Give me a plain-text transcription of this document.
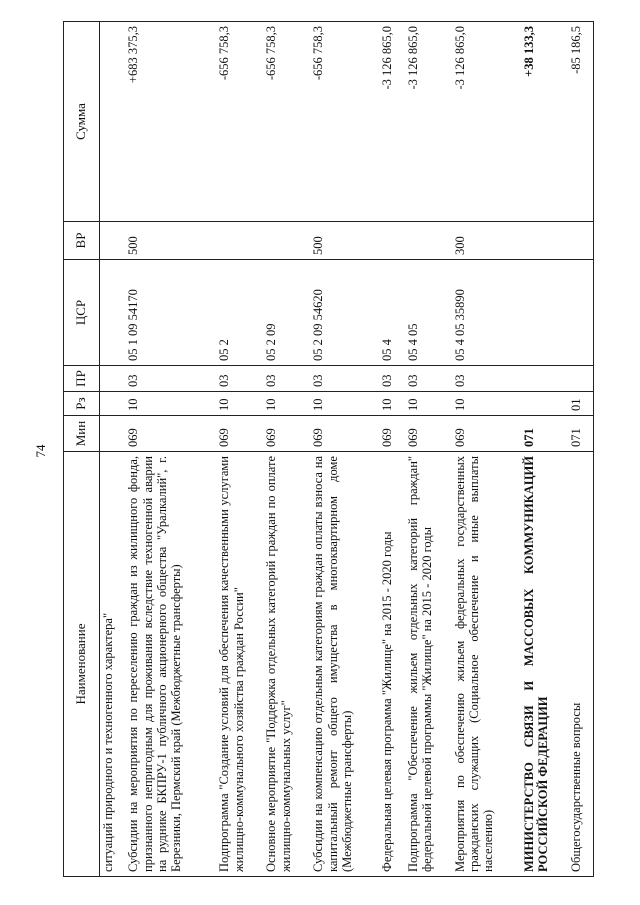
74
Наименование	Мин	Рз	ПР	ЦСР	ВР	Сумма
ситуаций природного и техногенного характера"						
Субсидии на мероприятия по переселению граждан из жилищного фонда, признанного непригодным для проживания вследствие техногенной аварии на руднике БКПРУ-1 публичного акционерного общества "Уралкалий", г. Березники, Пермский край (Межбюджетные трансферты)	069	10	03	05 1 09 54170	500	+683 375,3
Подпрограмма "Создание условий для обеспечения качественными услугами жилищно-коммунального хозяйства граждан России"	069	10	03	05 2		-656 758,3
Основное мероприятие "Поддержка отдельных категорий граждан по оплате жилищно-коммунальных услуг"	069	10	03	05 2 09		-656 758,3
Субсидии на компенсацию отдельным категориям граждан оплаты взноса на капитальный ремонт общего имущества в многоквартирном доме (Межбюджетные трансферты)	069	10	03	05 2 09 54620	500	-656 758,3
Федеральная целевая программа "Жилище" на 2015 - 2020 годы	069	10	03	05 4		-3 126 865,0
Подпрограмма "Обеспечение жильем отдельных категорий граждан" федеральной целевой программы "Жилище" на 2015 - 2020 годы	069	10	03	05 4 05		-3 126 865,0
Мероприятия по обеспечению жильем федеральных государственных гражданских служащих (Социальное обеспечение и иные выплаты населению)	069	10	03	05 4 05 35890	300	-3 126 865,0
МИНИСТЕРСТВО СВЯЗИ И МАССОВЫХ КОММУНИКАЦИЙ РОССИЙСКОЙ ФЕДЕРАЦИИ	071					+38 133,3
Общегосударственные вопросы	071	01				-85 186,5
